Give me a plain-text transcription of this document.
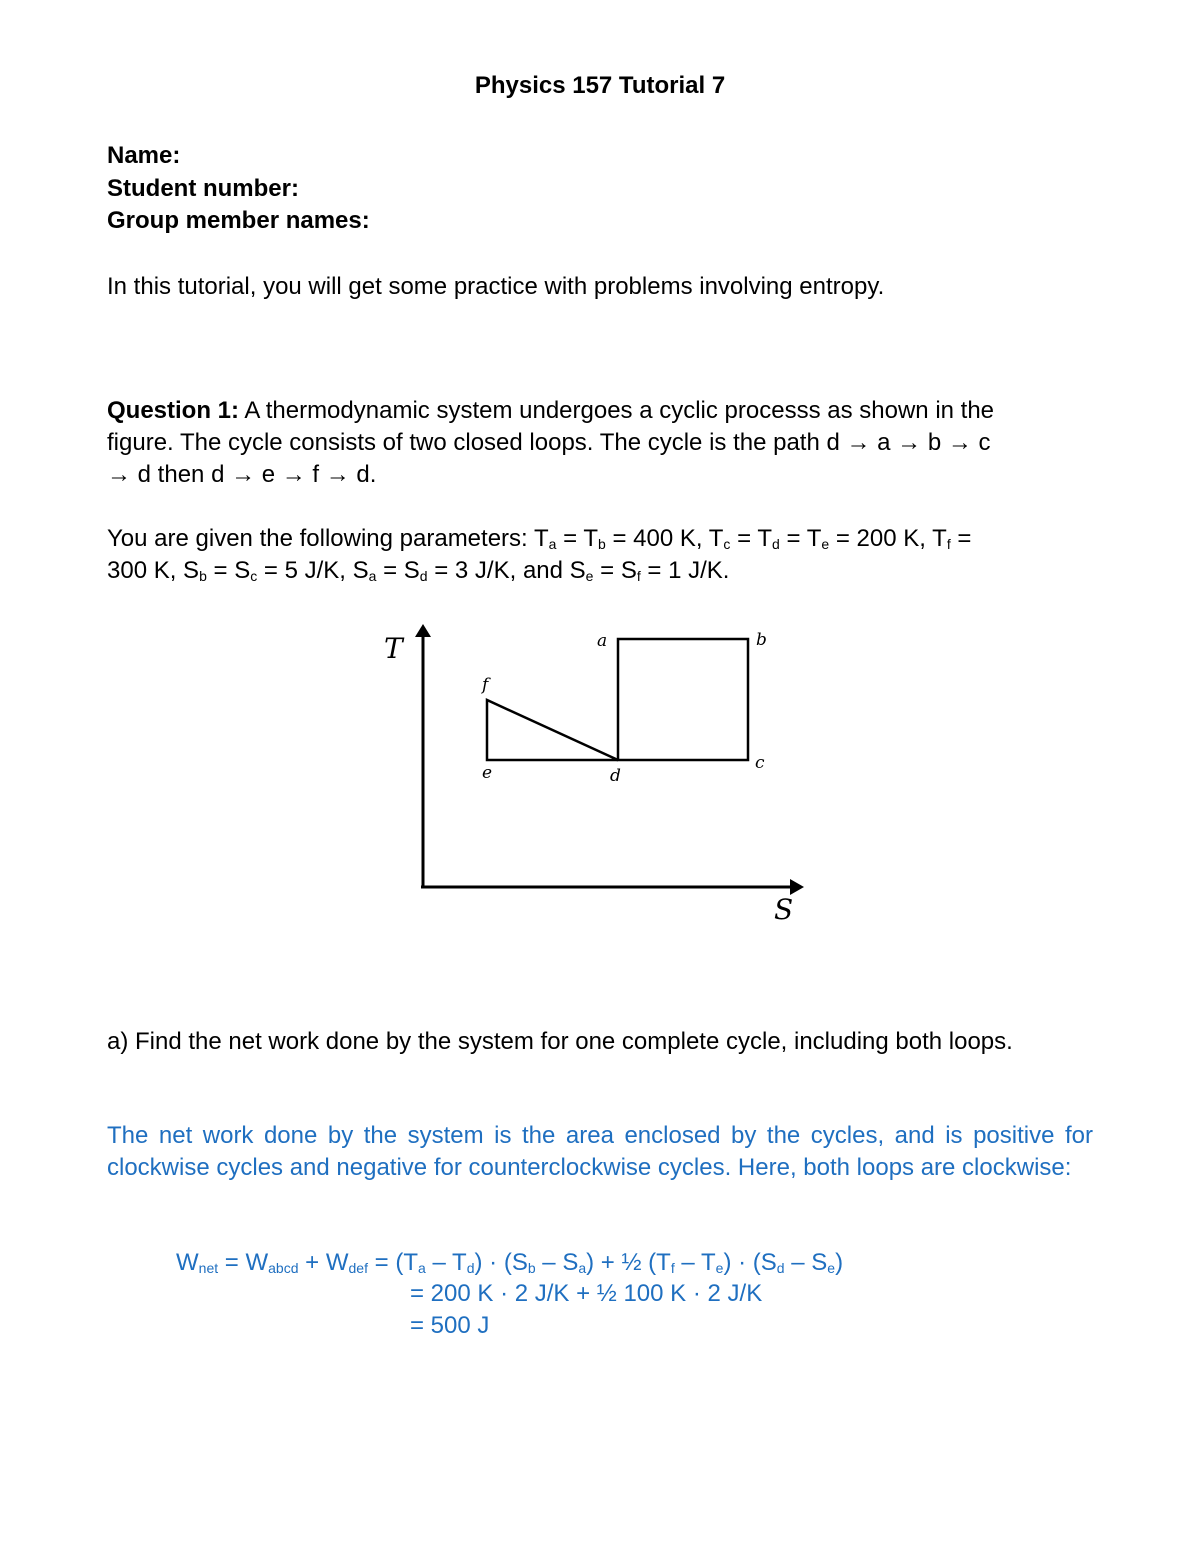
Physics 157 Tutorial 7
Name:
Student number:
Group member names:
In this tutorial, you will get some practice with problems involving entropy.
Question 1: A thermodynamic system undergoes a cyclic processs as shown in the
figure. The cycle consists of two closed loops. The cycle is the path d → a → b → c
→ d then d → e → f → d.
You are given the following parameters: $T_a = T_b = 400$ K, $T_c = T_d = T_e = 200$ K, $T_f$ =
300 K, $S_b = S_c = 5$ J/K, $S_a = S_d = 3$ J/K, and $S_e = S_f = 1$ J/K.
T
S
a	b
c
d
e
f
a) Find the net work done by the system for one complete cycle, including both loops.
The net work done by the system is the area enclosed by the cycles, and is positive for clockwise cycles and negative for counterclockwise cycles. Here, both loops are clockwise:
$W_{net} = W_{abcd} + W_{def} = (T_a - T_d) \cdot (S_b - S_a)$ + ½ $(T_f - T_e) \cdot (S_d - S_e)$
= 200 K · 2 J/K + ½ 100 K · 2 J/K
= 500 J
